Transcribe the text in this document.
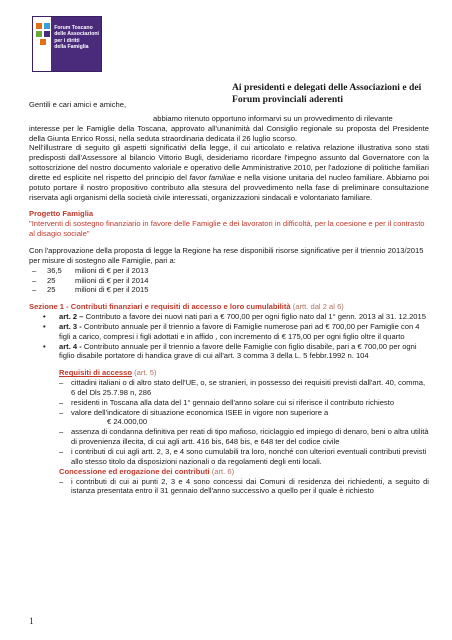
Forum Toscano
delle Associazioni
per i diritti
della Famiglia
Ai presidenti e delegati delle Associazioni e dei Forum provinciali aderenti

Gentili e cari amici e amiche,

abbiamo ritenuto opportuno informarvi su un provvedimento di rilevante

interesse per le Famiglie della Toscana, approvato all'unanimità dal Consiglio regionale su proposta del Presidente della Giunta Enrico Rossi, nella seduta straordinaria dedicata il 26 luglio scorso.

Nell'illustrare di seguito gli aspetti significativi della legge, il cui articolato e relativa relazione illustrativa sono stati predisposti dall'Assessore al bilancio Vittorio Bugli, desideriamo ricordare l'impegno assunto dal Governatore con la sottoscrizione del nostro documento valoriale e operativo delle Amministrative 2010, per l'adozione di politiche familiari dirette ed esplicite nel rispetto del principio del favor familiae e nella visione unitaria del nucleo familiare. Abbiamo poi potuto portare il nostro propositivo contributo alla stesura del provvedimento nella fase di preliminare consultazione riservata agli organismi della società civile interessati, organizzazioni sindacali e volontariato familiare.

Progetto Famiglia

"Interventi di sostegno finanziario in favore delle Famiglie e dei lavoratori in difficoltà, per la coesione e per il contrasto al disagio sociale"

Con l'approvazione della proposta di legge la Regione ha rese disponibili risorse significative per il triennio 2013/2015 per misure di sostegno alle Famiglie, pari a:

– 36,5 milioni di € per il 2013
– 25	milioni di € per il 2014
– 25	milioni di € per il 2015

Sezione 1 - Contributi finanziari e requisiti di accesso e loro cumulabilità (artt. dal 2 al 6)

• art. 2 – Contributo a favore dei nuovi nati pari a € 700,00 per ogni figlio nato dal 1° genn. 2013 al 31. 12.2015
• art. 3 - Contributo annuale per il triennio a favore di Famiglie numerose pari ad € 700,00 per Famiglie con 4 figli a carico, compresi i figli adottati e in affido , con incremento di € 175,00 per ogni figlio oltre il quarto
• art. 4 - Contributo annuale per il triennio a favore delle Famiglie con figlio disabile, pari a € 700,00 per ogni figlio disabile portatore di handica grave di cui all'art. 3 comma 3 della L. 5 febbr.1992 n. 104

Requisiti di accesso (art. 5)

– cittadini italiani o di altro stato dell'UE, o, se stranieri, in possesso dei requisiti previsti dall'art. 40, comma, 6 del Dls 25.7.98 n, 286
– residenti in Toscana alla data del 1° gennaio dell'anno solare cui si riferisce il contributo richiesto
– valore dell'indicatore di situazione economica ISEE in vigore non superiore a
€ 24.000,00
– assenza di condanna definitiva per reati di tipo mafioso, riciclaggio ed impiego di denaro, beni o altra utilità di provenienza illecita, di cui agli artt. 416 bis, 648 bis, e 648 ter del codice civile
– i contributi di cui agli artt. 2, 3, e 4 sono cumulabili tra loro, nonché con ulteriori eventuali contributi previsti allo stesso titolo da disposizioni nazionali o da regolamenti degli enti locali.

Concessione ed erogazione dei contributi (art. 6)

– i contributi di cui ai punti 2, 3 e 4 sono concessi dai Comuni di residenza dei richiedenti, a seguito di istanza presentata entro il 31 gennaio dell'anno successivo a quello per il quale è richiesto
1
